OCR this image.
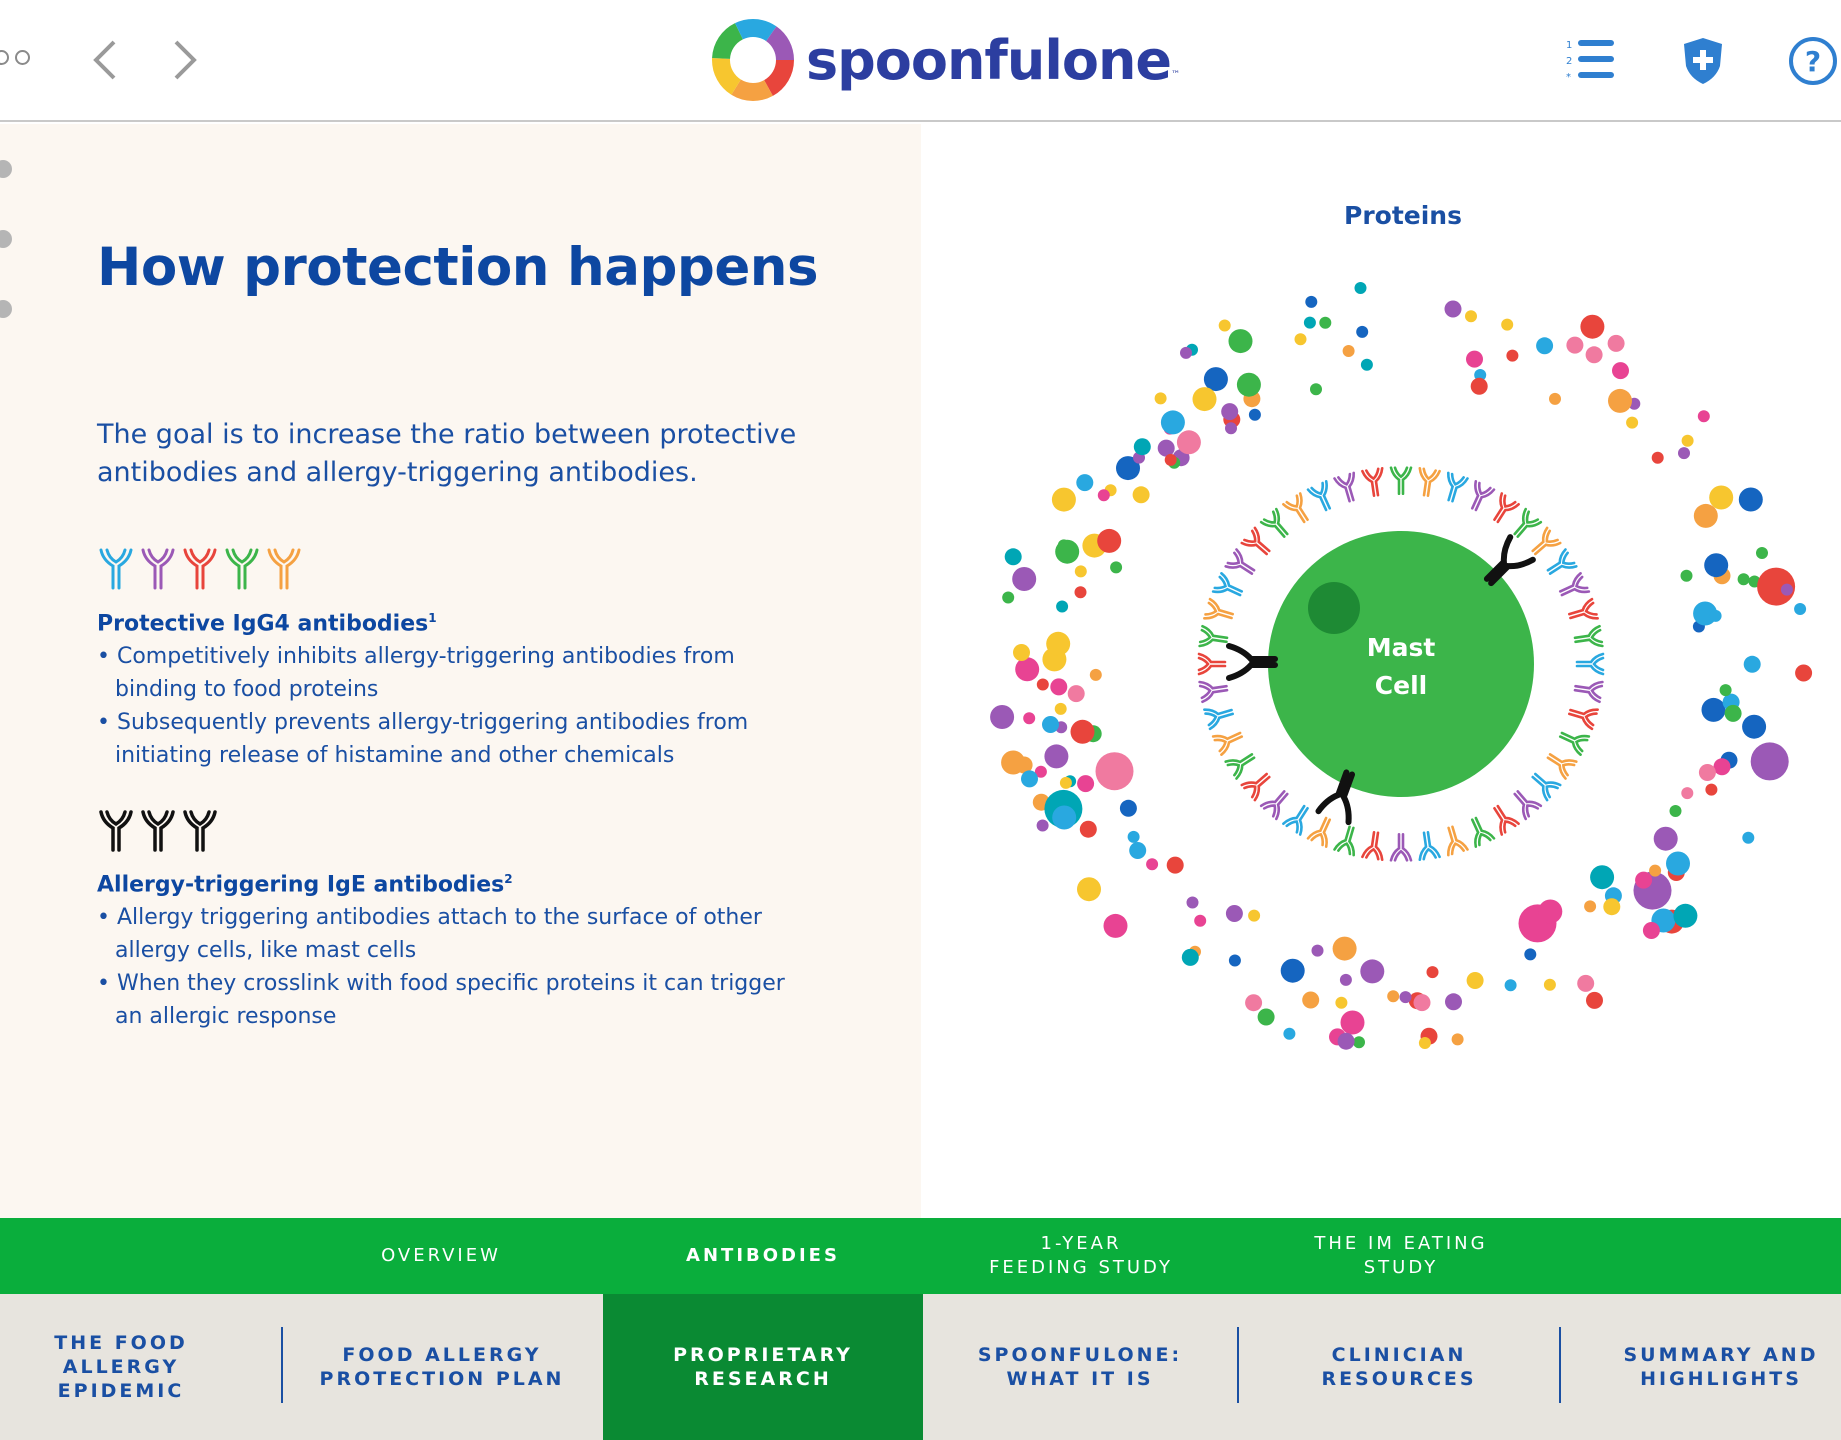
spoonfulone ™
1
2
*	?
How protection happens

The goal is to increase the ratio between protective antibodies and allergy-triggering antibodies.

Protective IgG4 antibodies$^1$
• Competitively inhibits allergy-triggering antibodies from binding to food proteins
• Subsequently prevents allergy-triggering antibodies from initiating release of histamine and other chemicals
Allergy-triggering IgE antibodies$^2$
• Allergy triggering antibodies attach to the surface of other allergy cells, like mast cells
• When they crosslink with food specific proteins it can trigger an allergic response
Mast
Cell
Proteins
OVERVIEW	ANTIBODIES
1-YEAR
FEEDING STUDY
THE IM EATING
STUDY
THE FOOD ALLERGY
EPIDEMIC
FOOD ALLERGY
PROTECTION PLAN
PROPRIETARY
RESEARCH
SPOONFULONE:
WHAT IT IS
CLINICIAN
RESOURCES
SUMMARY AND
HIGHLIGHTS
